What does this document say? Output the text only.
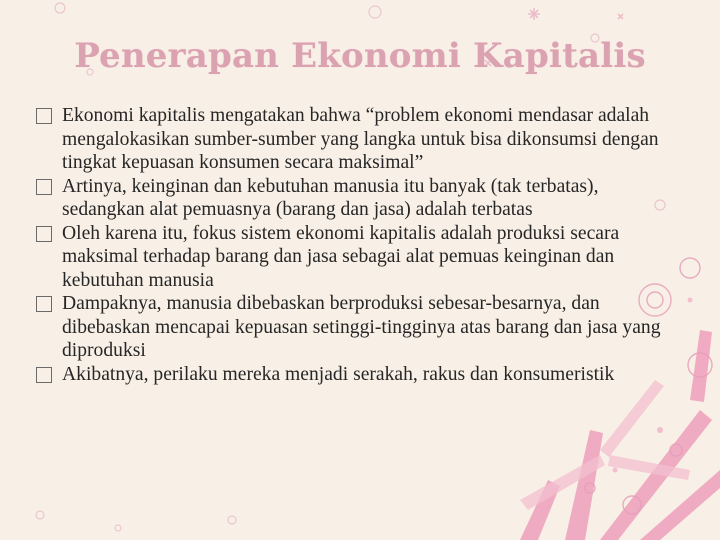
Penerapan Ekonomi Kapitalis
Ekonomi kapitalis mengatakan bahwa “problem ekonomi mendasar adalah mengalokasikan sumber-sumber yang langka untuk bisa dikonsumsi dengan tingkat kepuasan konsumen secara maksimal”
Artinya, keinginan dan kebutuhan manusia itu banyak (tak terbatas), sedangkan alat pemuasnya (barang dan jasa) adalah terbatas
Oleh karena itu, fokus sistem ekonomi kapitalis adalah produksi secara maksimal terhadap barang dan jasa sebagai alat pemuas keinginan dan kebutuhan manusia
Dampaknya, manusia dibebaskan berproduksi sebesar-besarnya, dan dibebaskan mencapai kepuasan setinggi-tingginya atas barang dan jasa yang diproduksi
Akibatnya, perilaku mereka menjadi serakah, rakus dan konsumeristik
